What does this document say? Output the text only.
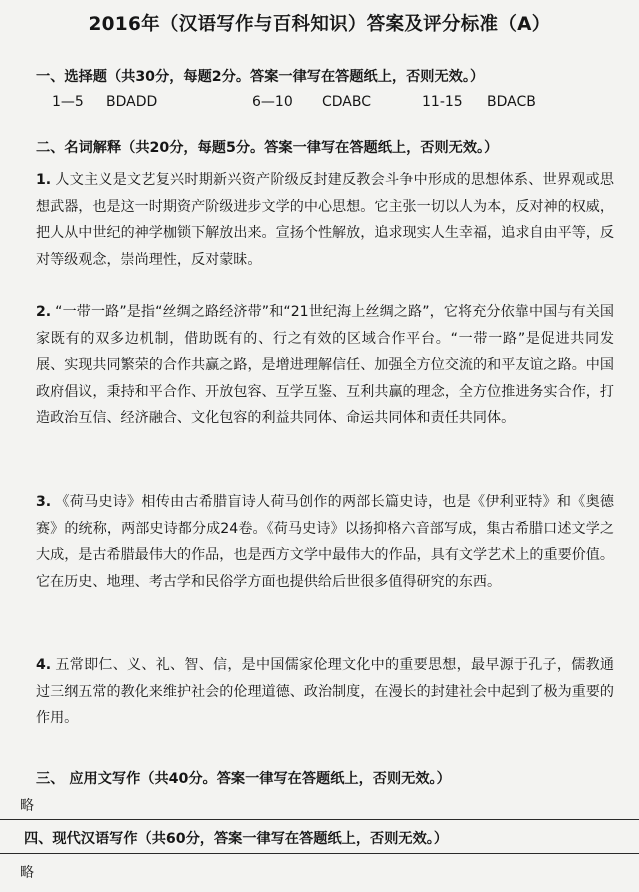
2016年（汉语写作与百科知识）答案及评分标准（A）
一、选择题（共30分，每题2分。答案一律写在答题纸上，否则无效。）
1—5 BDADD	6—10 CDABC	11-15 BDACB
二、名词解释（共20分，每题5分。答案一律写在答题纸上，否则无效。）
1. 人文主义是文艺复兴时期新兴资产阶级反封建反教会斗争中形成的思想体系、世界观或思想武器，也是这一时期资产阶级进步文学的中心思想。它主张一切以人为本，反对神的权威，把人从中世纪的神学枷锁下解放出来。宣扬个性解放，追求现实人生幸福，追求自由平等，反对等级观念，崇尚理性，反对蒙昧。
2. “一带一路”是指“丝绸之路经济带”和“21世纪海上丝绸之路”，它将充分依靠中国与有关国家既有的双多边机制，借助既有的、行之有效的区域合作平台。“一带一路”是促进共同发展、实现共同繁荣的合作共赢之路，是增进理解信任、加强全方位交流的和平友谊之路。中国政府倡议，秉持和平合作、开放包容、互学互鉴、互利共赢的理念，全方位推进务实合作，打造政治互信、经济融合、文化包容的利益共同体、命运共同体和责任共同体。
3. 《荷马史诗》相传由古希腊盲诗人荷马创作的两部长篇史诗，也是《伊利亚特》和《奥德赛》的统称，两部史诗都分成24卷。《荷马史诗》以扬抑格六音部写成，集古希腊口述文学之大成，是古希腊最伟大的作品，也是西方文学中最伟大的作品，具有文学艺术上的重要价值。它在历史、地理、考古学和民俗学方面也提供给后世很多值得研究的东西。
4. 五常即仁、义、礼、智、信，是中国儒家伦理文化中的重要思想，最早源于孔子，儒教通过三纲五常的教化来维护社会的伦理道德、政治制度，在漫长的封建社会中起到了极为重要的作用。
三、 应用文写作（共40分。答案一律写在答题纸上，否则无效。）
略
四、现代汉语写作（共60分，答案一律写在答题纸上，否则无效。）
略
